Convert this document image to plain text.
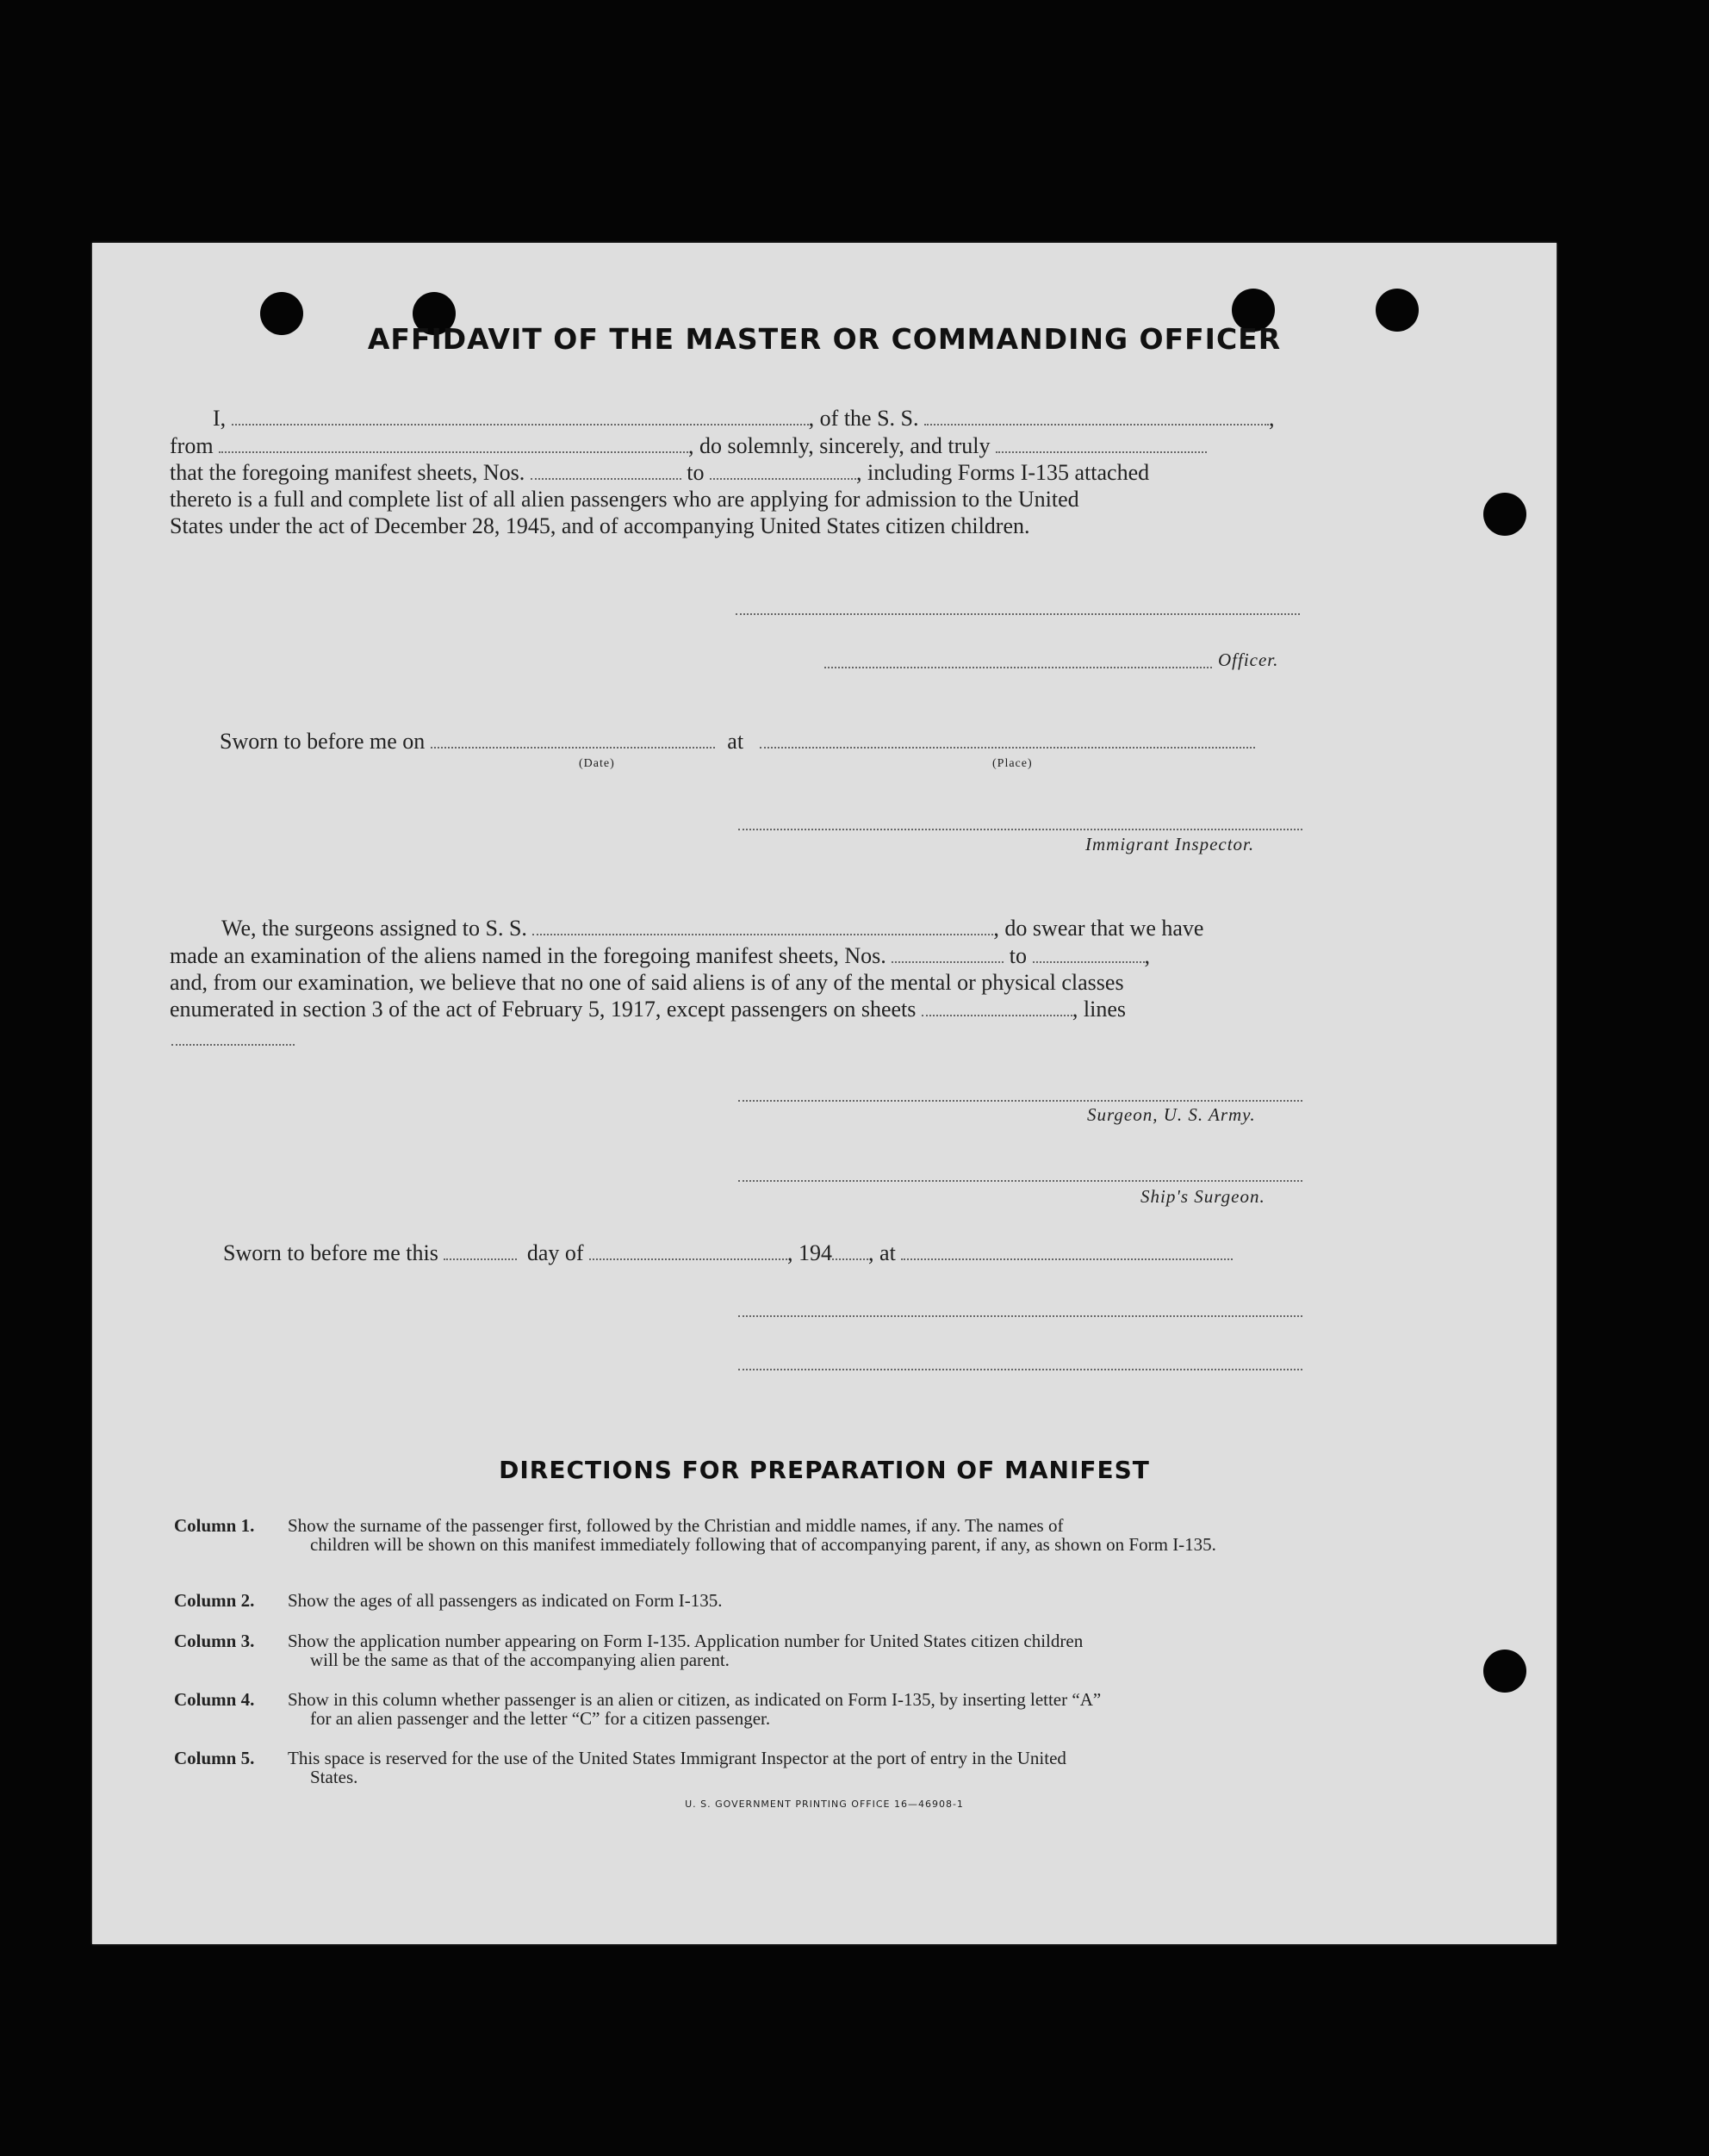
AFFIDAVIT OF THE MASTER OR COMMANDING OFFICER
I,	, of the S. S.	,
from	, do solemnly, sincerely, and truly
that the foregoing manifest sheets, Nos.	to	, including Forms I-135 attached
thereto is a full and complete list of all alien passengers who are applying for admission to the United
States under the act of December 28, 1945, and of accompanying United States citizen children.
Officer.
Sworn to before me on	at
(Date)	(Place)
Immigrant Inspector.
We, the surgeons assigned to S. S.	, do swear that we have
made an examination of the aliens named in the foregoing manifest sheets, Nos.	to	,
and, from our examination, we believe that no one of said aliens is of any of the mental or physical classes
enumerated in section 3 of the act of February 5, 1917, except passengers on sheets	, lines
Surgeon, U. S. Army.
Ship's Surgeon.
Sworn to before me this	day of	, 194 , at
DIRECTIONS FOR PREPARATION OF MANIFEST
Column 1. Show the surname of the passenger first, followed by the Christian and middle names, if any. The names of
children will be shown on this manifest immediately following that of accompanying parent, if any, as shown on Form I-135.
Column 2. Show the ages of all passengers as indicated on Form I-135.
Column 3. Show the application number appearing on Form I-135. Application number for United States citizen children
will be the same as that of the accompanying alien parent.
Column 4. Show in this column whether passenger is an alien or citizen, as indicated on Form I-135, by inserting letter “A”
for an alien passenger and the letter “C” for a citizen passenger.
Column 5. This space is reserved for the use of the United States Immigrant Inspector at the port of entry in the United
States.
U. S. GOVERNMENT PRINTING OFFICE 16—46908-1
